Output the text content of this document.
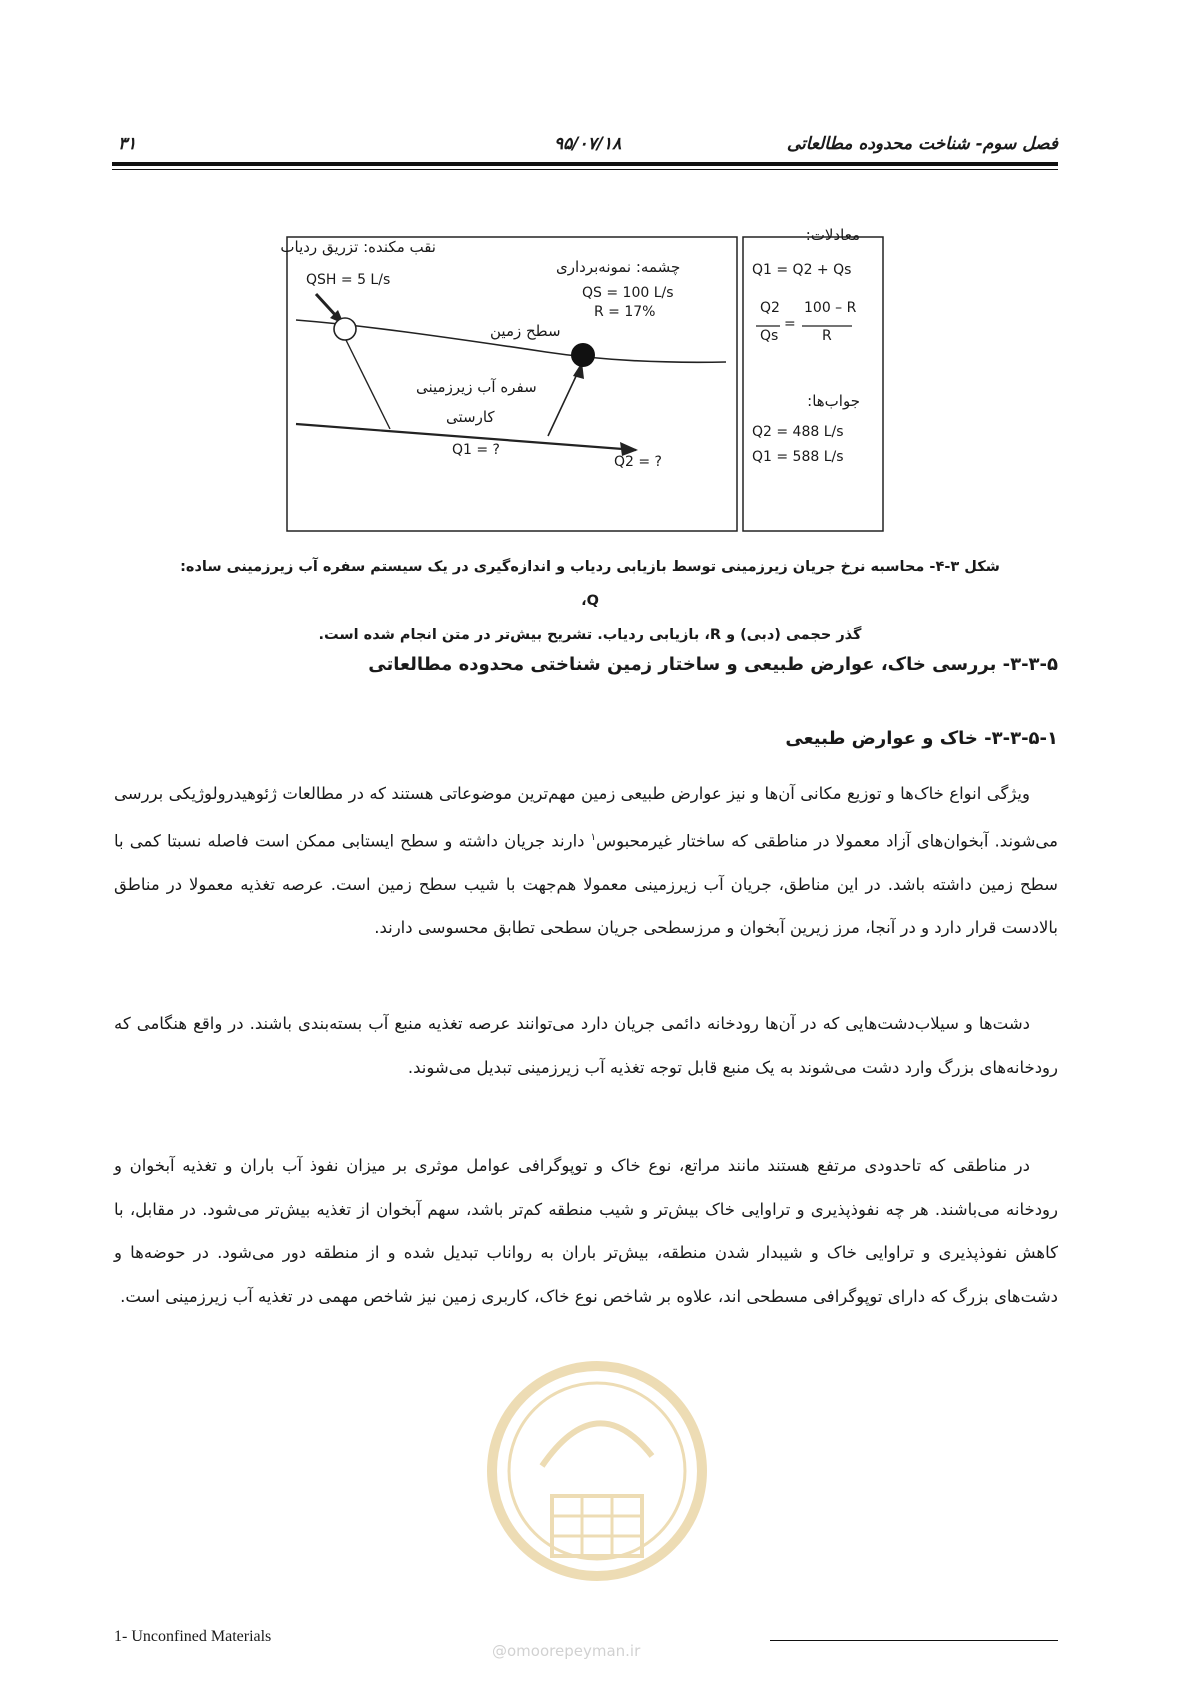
فصل سوم- شناخت محدوده مطالعاتی
۹۵/۰۷/۱۸
۳۱
نقب مکنده: تزریق ردیاب
QSH = 5 L/s
چشمه: نمونه‌برداری
QS = 100 L/s
R = 17%
سطح زمین
سفره آب زیرزمینی
کارستی
Q1 = ?
Q2 = ?
معادلات:
Q1 = Q2 + Qs
Q2
Qs
=
100 – R
R
جواب‌ها:
Q2 = 488 L/s
Q1 = 588 L/s
شکل ۳-۴- محاسبه نرخ جریان زیرزمینی توسط بازیابی ردیاب و اندازه‌گیری در یک سیستم سفره آب زیرزمینی ساده: Q،
گذر حجمی (دبی) و R، بازیابی ردیاب. تشریح بیش‌تر در متن انجام شده است.
۳-۳-۵- بررسی خاک، عوارض طبیعی و ساختار زمین شناختی محدوده مطالعاتی
۳-۳-۵-۱- خاک و عوارض طبیعی

ویژگی انواع خاک‌ها و توزیع مکانی آن‌ها و نیز عوارض طبیعی زمین مهم‌ترین موضوعاتی هستند که در مطالعات ژئوهیدرولوژیکی بررسی می‌شوند. آبخوان‌های آزاد معمولا در مناطقی که ساختار غیرمحبوس$^۱$ دارند جریان داشته و سطح ایستابی ممکن است فاصله نسبتا کمی با سطح زمین داشته باشد. در این مناطق، جریان آب زیرزمینی معمولا هم‌جهت با شیب سطح زمین است. عرصه تغذیه معمولا در مناطق بالادست قرار دارد و در آنجا، مرز زیرین آبخوان و مرزسطحی جریان سطحی تطابق محسوسی دارند.

دشت‌ها و سیلاب‌دشت‌هایی که در آن‌ها رودخانه دائمی جریان دارد می‌توانند عرصه تغذیه منبع آب بسته‌بندی باشند. در واقع هنگامی که رودخانه‌های بزرگ وارد دشت می‌شوند به یک منبع قابل توجه تغذیه آب زیرزمینی تبدیل می‌شوند.

در مناطقی که تاحدودی مرتفع هستند مانند مراتع، نوع خاک و توپوگرافی عوامل موثری بر میزان نفوذ آب باران و تغذیه آبخوان و رودخانه می‌باشند. هر چه نفوذپذیری و تراوایی خاک بیش‌تر و شیب منطقه کم‌تر باشد، سهم آبخوان از تغذیه بیش‌تر می‌شود. در مقابل، با کاهش نفوذپذیری و تراوایی خاک و شیبدار شدن منطقه، بیش‌تر باران به رواناب تبدیل شده و از منطقه دور می‌شود. در حوضه‌ها و دشت‌های بزرگ که دارای توپوگرافی مسطحی اند، علاوه بر شاخص نوع خاک، کاربری زمین نیز شاخص مهمی در تغذیه آب زیرزمینی است.

@omoorepeyman.ir
1- Unconfined Materials
